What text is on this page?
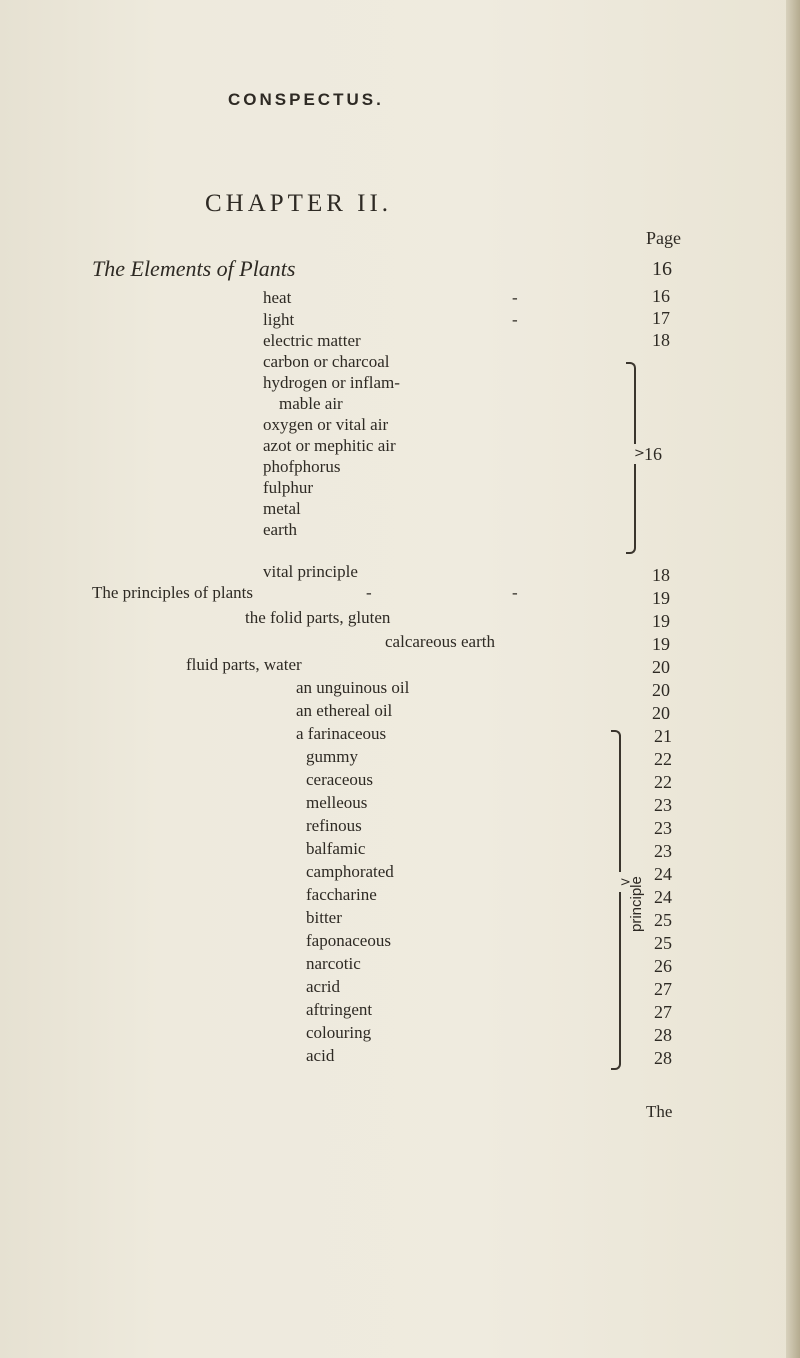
CONSPECTUS.
CHAPTER II.
Page
The Elements of Plants	16
heat	-	16
light	-	17
electric matter	18
carbon or charcoal
hydrogen or inflam-
mable air
oxygen or vital air
azot or mephitic air
phofphorus
fulphur
metal
earth
> 16
vital principle	18
The principles of plants	-	-	19
the folid parts, gluten	19
calcareous earth	19
fluid parts, water	20
an unguinous oil	20
an ethereal oil	20
a farinaceous	21
gummy	22
ceraceous	22
melleous	23
refinous	23
balfamic	23
camphorated	24
faccharine	24
bitter	25
faponaceous	25
narcotic	26
acrid	27
aftringent	27
colouring	28
acid	28
>
principle
The
